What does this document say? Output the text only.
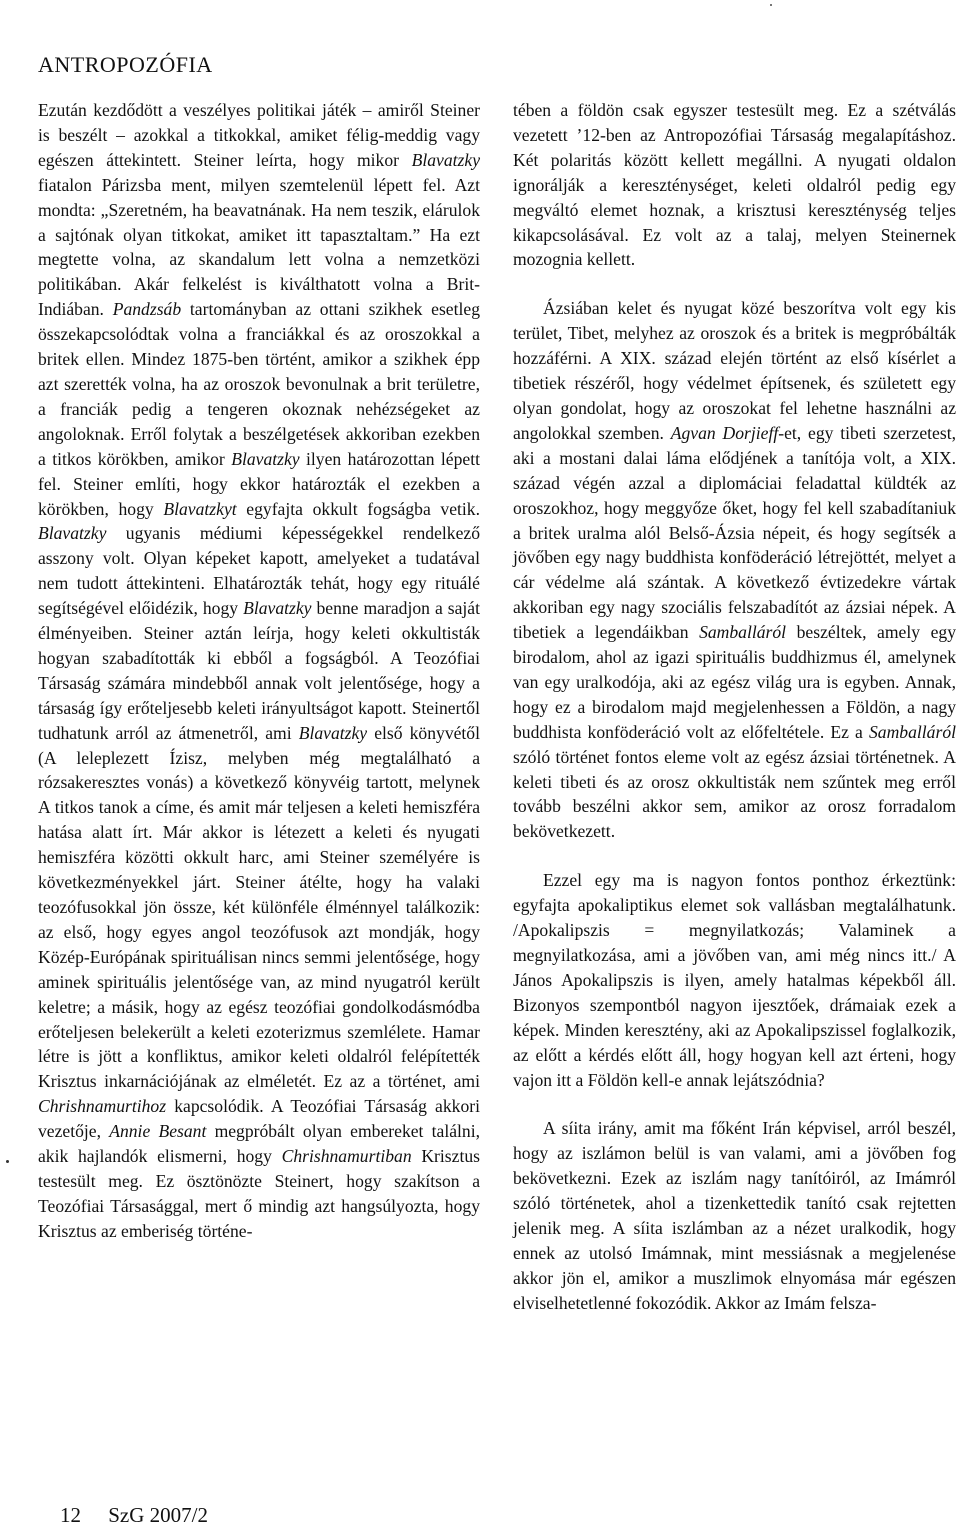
ANTROPOZÓFIA

Ezután kezdődött a veszélyes politikai játék – amiről Steiner is beszélt – azokkal a titkokkal, amiket félig-meddig vagy egészen áttekintett. Steiner leírta, hogy mikor Blavatzky fiatalon Párizsba ment, milyen szemtelenül lépett fel. Azt mondta: „Szeretném, ha beavatnának. Ha nem teszik, elárulok a sajtónak olyan titkokat, amiket itt tapasztaltam.” Ha ezt megtette volna, az skandalum lett volna a nemzetközi politikában. Akár felkelést is kiválthatott volna a Brit-Indiában. Pandzsáb tartományban az ottani szikhek esetleg összekapcsolódtak volna a franciákkal és az oroszokkal a britek ellen. Mindez 1875-ben történt, amikor a szikhek épp azt szerették volna, ha az oroszok bevonulnak a brit területre, a franciák pedig a tengeren okoznak nehézségeket az angoloknak. Erről folytak a beszélgetések akkoriban ezekben a titkos körökben, amikor Blavatzky ilyen határozottan lépett fel. Steiner említi, hogy ekkor határozták el ezekben a körökben, hogy Blavatzkyt egyfajta okkult fogságba vetik. Blavatzky ugyanis médiumi képességekkel rendelkező asszony volt. Olyan képeket kapott, amelyeket a tudatával nem tudott áttekinteni. Elhatározták tehát, hogy egy rituálé segítségével előidézik, hogy Blavatzky benne maradjon a saját élményeiben. Steiner aztán leírja, hogy keleti okkultisták hogyan szabadították ki ebből a fogságból. A Teozófiai Társaság számára mindebből annak volt jelentősége, hogy a társaság így erőteljesebb keleti irányultságot kapott. Steinertől tudhatunk arról az átmenetről, ami Blavatzky első könyvétől (A leleplezett Ízisz, melyben még megtalálható a rózsakeresztes vonás) a következő könyvéig tartott, melynek A titkos tanok a címe, és amit már teljesen a keleti hemiszféra hatása alatt írt. Már akkor is létezett a keleti és nyugati hemiszféra közötti okkult harc, ami Steiner személyére is következményekkel járt. Steiner átélte, hogy ha valaki teozófusokkal jön össze, két különféle élménnyel találkozik: az első, hogy egyes angol teozófusok azt mondják, hogy Közép-Európának spirituálisan nincs semmi jelentősége, hogy aminek spirituális jelentősége van, az mind nyugatról került keletre; a másik, hogy az egész teozófiai gondolkodásmódba erőteljesen belekerült a keleti ezoterizmus szemlélete. Hamar létre is jött a konfliktus, amikor keleti oldalról felépítették Krisztus inkarnációjának az elméletét. Ez az a történet, ami Chrishnamurtihoz kapcsolódik. A Teozófiai Társaság akkori vezetője, Annie Besant megpróbált olyan embereket találni, akik hajlandók elismerni, hogy Chrishnamurtiban Krisztus testesült meg. Ez ösztönözte Steinert, hogy szakítson a Teozófiai Társasággal, mert ő mindig azt hangsúlyozta, hogy Krisztus az emberiség történe-

tében a földön csak egyszer testesült meg. Ez a szétválás vezetett ’12-ben az Antropozófiai Társaság megalapításhoz. Két polaritás között kellett megállni. A nyugati oldalon ignorálják a kereszténységet, keleti oldalról pedig egy megváltó elemet hoznak, a krisztusi kereszténység teljes kikapcsolásával. Ez volt az a talaj, melyen Steinernek mozognia kellett.

Ázsiában kelet és nyugat közé beszorítva volt egy kis terület, Tibet, melyhez az oroszok és a britek is megpróbálták hozzáférni. A XIX. század elején történt az első kísérlet a tibetiek részéről, hogy védelmet építsenek, és született egy olyan gondolat, hogy az oroszokat fel lehetne használni az angolokkal szemben. Agvan Dorjieff-et, egy tibeti szerzetest, aki a mostani dalai láma elődjének a tanítója volt, a XIX. század végén azzal a diplomáciai feladattal küldték az oroszokhoz, hogy meggyőze őket, hogy fel kell szabadítaniuk a britek uralma alól Belső-Ázsia népeit, és hogy segítsék a jövőben egy nagy buddhista konföderáció létrejöttét, melyet a cár védelme alá szántak. A következő évtizedekre vártak akkoriban egy nagy szociális felszabadítót az ázsiai népek. A tibetiek a legendáikban Samballáról beszéltek, amely egy birodalom, ahol az igazi spirituális buddhizmus él, amelynek van egy uralkodója, aki az egész világ ura is egyben. Annak, hogy ez a birodalom majd megjelenhessen a Földön, a nagy buddhista konföderáció volt az előfeltétele. Ez a Samballáról szóló történet fontos eleme volt az egész ázsiai történetnek. A keleti tibeti és az orosz okkultisták nem szűntek meg erről tovább beszélni akkor sem, amikor az orosz forradalom bekövetkezett.

Ezzel egy ma is nagyon fontos ponthoz érkeztünk: egyfajta apokaliptikus elemet sok vallásban megtalálhatunk. /Apokalipszis = megnyilatkozás; Valaminek a megnyilatkozása, ami a jövőben van, ami még nincs itt./ A János Apokalipszis is ilyen, amely hatalmas képekből áll. Bizonyos szempontból nagyon ijesztőek, drámaiak ezek a képek. Minden keresztény, aki az Apokalipszissel foglalkozik, az előtt a kérdés előtt áll, hogy hogyan kell azt érteni, hogy vajon itt a Földön kell-e annak lejátszódnia?

A síita irány, amit ma főként Irán képvisel, arról beszél, hogy az iszlámon belül is van valami, ami a jövőben fog bekövetkezni. Ezek az iszlám nagy tanítóiról, az Imámról szóló történetek, ahol a tizenkettedik tanító csak rejtetten jelenik meg. A síita iszlámban az a nézet uralkodik, hogy ennek az utolsó Imámnak, mint messiásnak a megjelenése akkor jön el, amikor a muszlimok elnyomása már egészen elviselhetetlenné fokozódik. Akkor az Imám felsza-

12 SzG 2007/2
